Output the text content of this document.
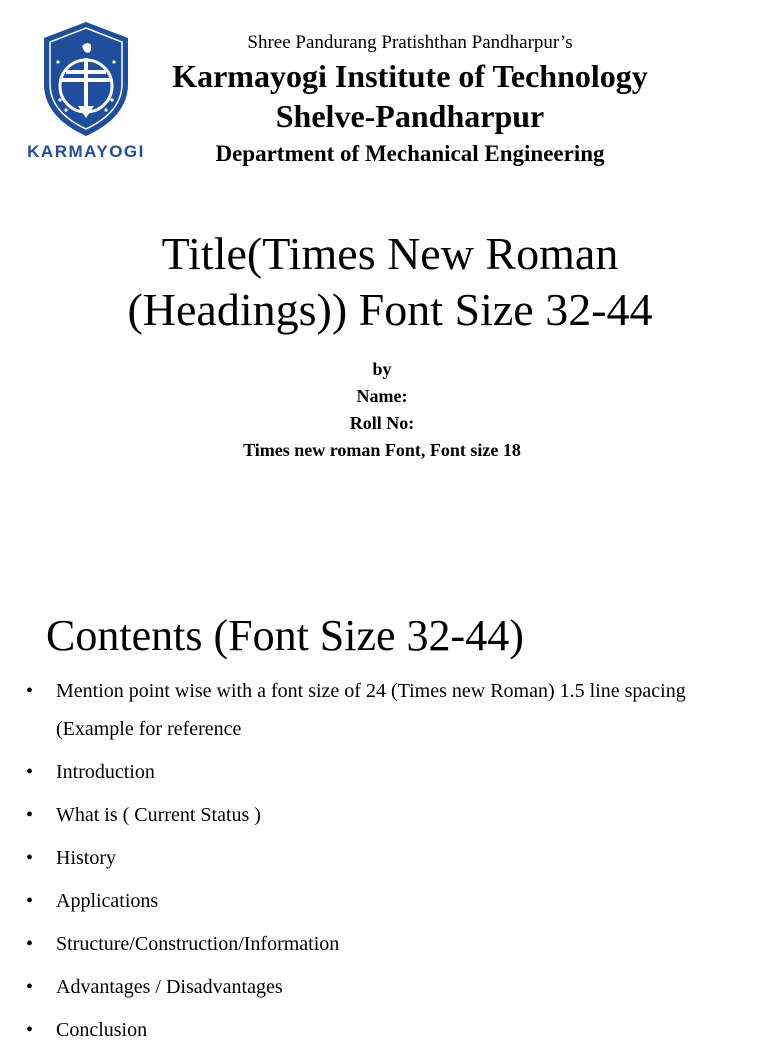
KARMAYOGI
Shree Pandurang Pratishthan Pandharpur’s
Karmayogi Institute of Technology
Shelve-Pandharpur
Department of Mechanical Engineering
Title(Times New Roman
(Headings)) Font Size 32-44
by
Name:
Roll No:
Times new roman Font, Font size 18
Contents (Font Size 32-44)
• Mention point wise with a font size of 24 (Times new Roman) 1.5 line spacing (Example for reference
• Introduction
• What is ( Current Status )
• History
• Applications
• Structure/Construction/Information
• Advantages / Disadvantages
• Conclusion
